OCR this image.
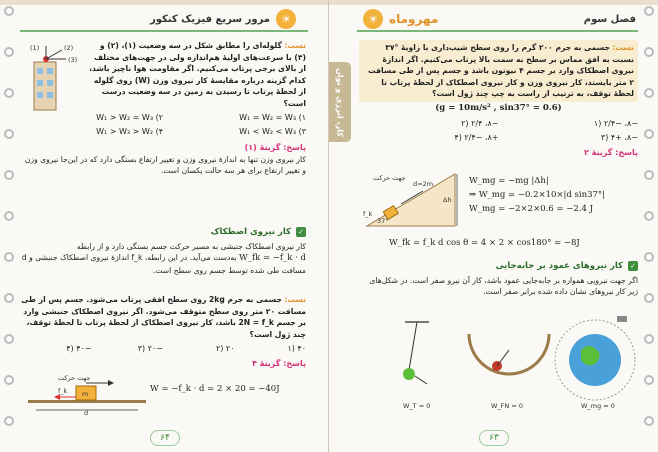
☀
مرور سریع فیزیک کنکور
تست: گلوله‌ای را مطابق شکل در سه وضعیت (۱)، (۲) و (۳) با سرعت‌های اولیهٔ هم‌اندازه ولی در جهت‌های مختلف از بالای برجی پرتاب می‌کنیم. اگر مقاومت هوا ناچیز باشد، کدام گزینه درباره مقایسهٔ کار نیروی وزن (W) روی گلوله از لحظهٔ پرتاب تا رسیدن به زمین در سه وضعیت درست است؟
W₁ = W₂ = W₃ (۱
W₁ > W₂ = W₃ (۲
W₁ < W₂ < W₃ (۳
W₁ > W₃ > W₂ (۴
پاسخ: گزینهٔ (۱)
کار نیروی وزن تنها به اندازهٔ نیروی وزن و تغییر ارتفاع بستگی دارد که در این‌جا نیروی وزن و تغییر ارتفاع برای هر سه حالت یکسان است.
(1)	(2)
(3)
✓
کار نیروی اصطکاک
کار نیروی اصطکاک جنبشی به مسیر حرکت جسم بستگی دارد و از رابطه W_fk = −f_k · d به‌دست می‌آید. در این رابطه، f_k اندازهٔ نیروی اصطکاک جنبشی و d مسافت طی شده توسط جسم روی سطح است.
تست: جسمی به جرم 2kg روی سطح افقی پرتاب می‌شود. جسم پس از طی مسافت ۲۰ متر روی سطح متوقف می‌شود. اگر نیروی اصطکاک جنبشی وارد بر جسم 2N = f_k باشد، کار نیروی اصطکاک از لحظهٔ پرتاب تا لحظهٔ توقف، چند ژول است؟
۴۰ (۱
۲۰ (۲
−۲۰ (۳
−۴۰ (۴
پاسخ: گزینهٔ ۴
جهت حرکت
m
f_k
d
W = −f_k · d = 2 × 20 = −40J
۶۴
کار، انرژی و توان
فصل سوم
☀ مهروماه
تست: جسمی به جرم ۲۰۰ گرم را روی سطح شیب‌داری با زاویهٔ °۳۷ نسبت به افق مماس بر سطح به سمت بالا پرتاب می‌کنیم. اگر اندازهٔ نیروی اصطکاک وارد بر جسم ۴ نیوتون باشد و جسم پس از طی مسافت ۲ متر بایستد، کار نیروی وزن و کار نیروی اصطکاک از لحظهٔ پرتاب تا لحظهٔ توقف، به ترتیب از راست به چپ چند ژول است؟
(g = 10m/s² , sin37° = 0.6)
−۸، −۲/۴ (۱
−۸، ۲/۴ (۲
−۸، +۴ (۳
+۸، −۲/۴ (۴
پاسخ: گزینهٔ ۲
جهت حرکت
d=2m
Δh
37°
f_k
W_mg = −mg |Δh|
⇒ W_mg = −0.2×10×|d sin37°|
W_mg = −2×2×0.6 = −2.4 J
W_fk = f_k d cos θ = 4 × 2 × cos180° = −8J
✓
کار نیروهای عمود بر جابه‌جایی
اگر جهت نیرویی همواره بر جابه‌جایی عمود باشد، کار آن نیرو صفر است. در شکل‌های زیر کار نیروهای نشان داده شده برابر صفر است.
W_T = 0	W_FN = 0	W_mg = 0
۶۳
